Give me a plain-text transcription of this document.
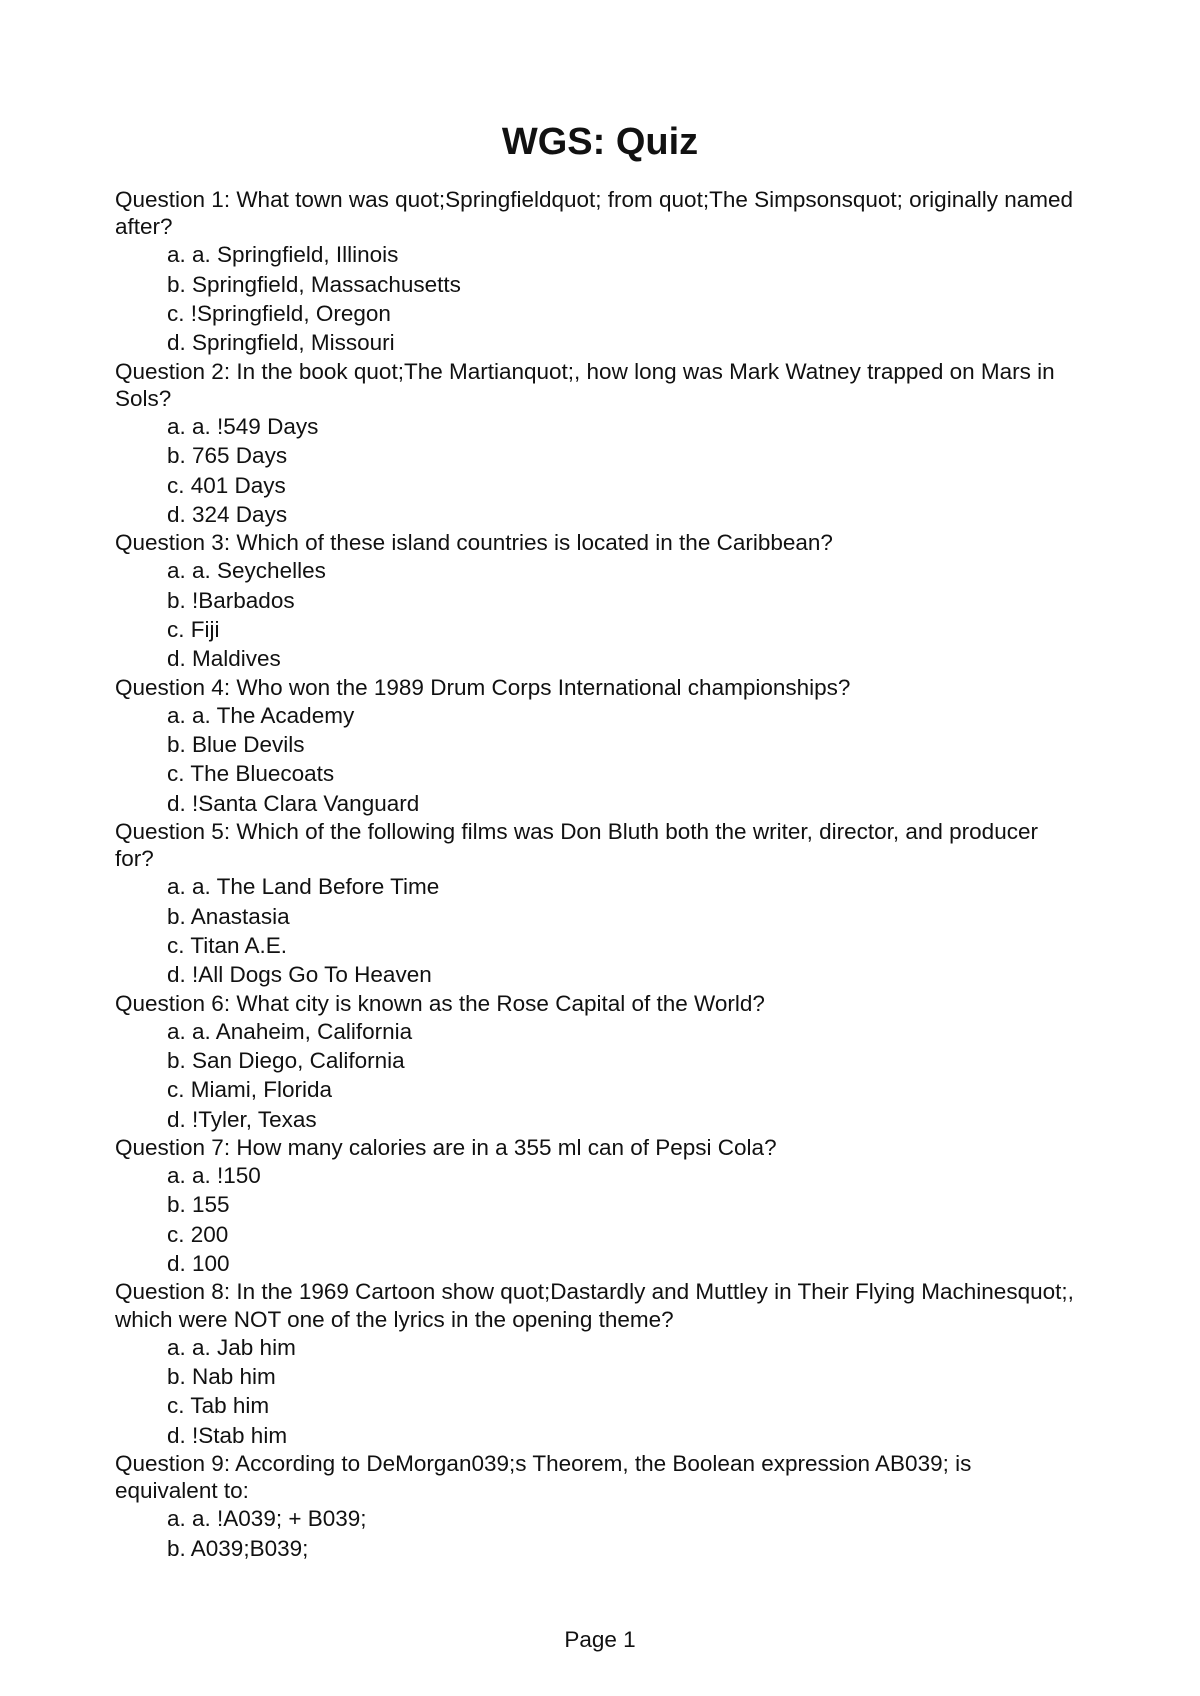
WGS: Quiz
Question 1: What town was quot;Springfieldquot; from quot;The Simpsonsquot; originally named after?
a. a. Springfield, Illinois
b. Springfield, Massachusetts
c. !Springfield, Oregon
d. Springfield, Missouri
Question 2: In the book quot;The Martianquot;, how long was Mark Watney trapped on Mars in Sols?
a. a. !549 Days
b. 765 Days
c. 401 Days
d. 324 Days
Question 3: Which of these island countries is located in the Caribbean?
a. a. Seychelles
b. !Barbados
c. Fiji
d. Maldives
Question 4: Who won the 1989 Drum Corps International championships?
a. a. The Academy
b. Blue Devils
c. The Bluecoats
d. !Santa Clara Vanguard
Question 5: Which of the following films was Don Bluth both the writer, director, and producer for?
a. a. The Land Before Time
b. Anastasia
c. Titan A.E.
d. !All Dogs Go To Heaven
Question 6: What city is known as the Rose Capital of the World?
a. a. Anaheim, California
b. San Diego, California
c. Miami, Florida
d. !Tyler, Texas
Question 7: How many calories are in a 355 ml can of Pepsi Cola?
a. a. !150
b. 155
c. 200
d. 100
Question 8: In the 1969 Cartoon show quot;Dastardly and Muttley in Their Flying Machinesquot;, which were NOT one of the lyrics in the opening theme?
a. a. Jab him
b. Nab him
c. Tab him
d. !Stab him
Question 9: According to DeMorgan039;s Theorem, the Boolean expression AB039; is equivalent to:
a. a. !A039; + B039;
b. A039;B039;
Page 1
